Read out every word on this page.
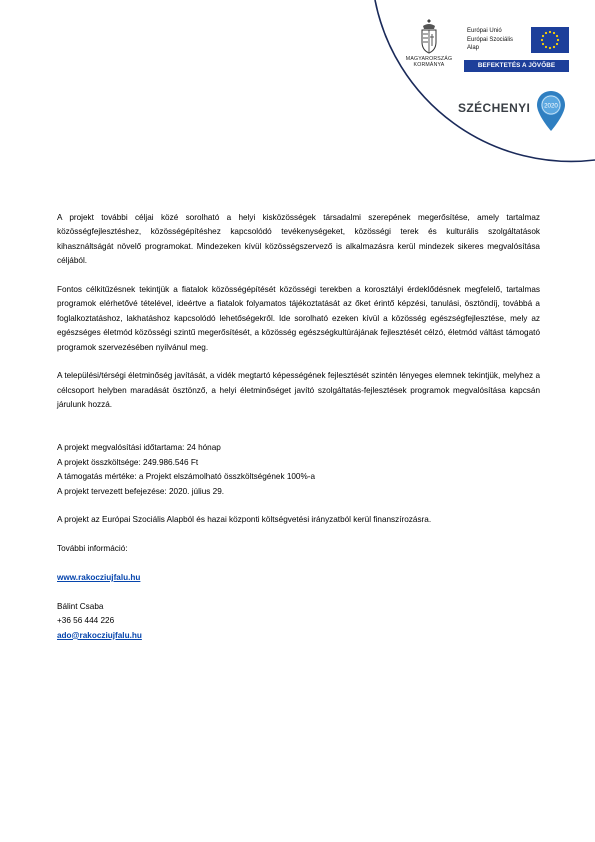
MAGYARORSZÁG
KORMÁNYA
Európai Unió
Európai Szociális
Alap
BEFEKTETÉS A JÖVŐBE
SZÉCHENYI 2020

A projekt további céljai közé sorolható a helyi kisközösségek társadalmi szerepének megerősítése, amely tartalmaz közösségfejlesztéshez, közösségépítéshez kapcsolódó tevékenységeket, közösségi terek és kulturális szolgáltatások kihasználtságát növelő programokat. Mindezeken kívül közösségszervező is alkalmazásra kerül mindezek sikeres megvalósítása céljából.

Fontos célkitűzésnek tekintjük a fiatalok közösségépítését közösségi terekben a korosztályi érdeklődésnek megfelelő, tartalmas programok elérhetővé tételével, ideértve a fiatalok folyamatos tájékoztatását az őket érintő képzési, tanulási, ösztöndíj, továbbá a foglalkoztatáshoz, lakhatáshoz kapcsolódó lehetőségekről. Ide sorolható ezeken kívül a közösség egészségfejlesztése, mely az egészséges életmód közösségi szintű megerősítését, a közösség egészségkultúrájának fejlesztését célzó, életmód váltást támogató programok szervezésében nyilvánul meg.

A települési/térségi életminőség javítását, a vidék megtartó képességének fejlesztését szintén lényeges elemnek tekintjük, melyhez a célcsoport helyben maradását ösztönző, a helyi életminőséget javító szolgáltatás-fejlesztések programok megvalósítása kapcsán járulunk hozzá.

A projekt megvalósítási időtartama: 24 hónap

A projekt összköltsége: 249.986.546 Ft

A támogatás mértéke: a Projekt elszámolható összköltségének 100%-a

A projekt tervezett befejezése: 2020. július 29.

A projekt az Európai Szociális Alapból és hazai központi költségvetési irányzatból kerül finanszírozásra.

További információ:

www.rakocziujfalu.hu

Bálint Csaba

+36 56 444 226

ado@rakocziujfalu.hu
